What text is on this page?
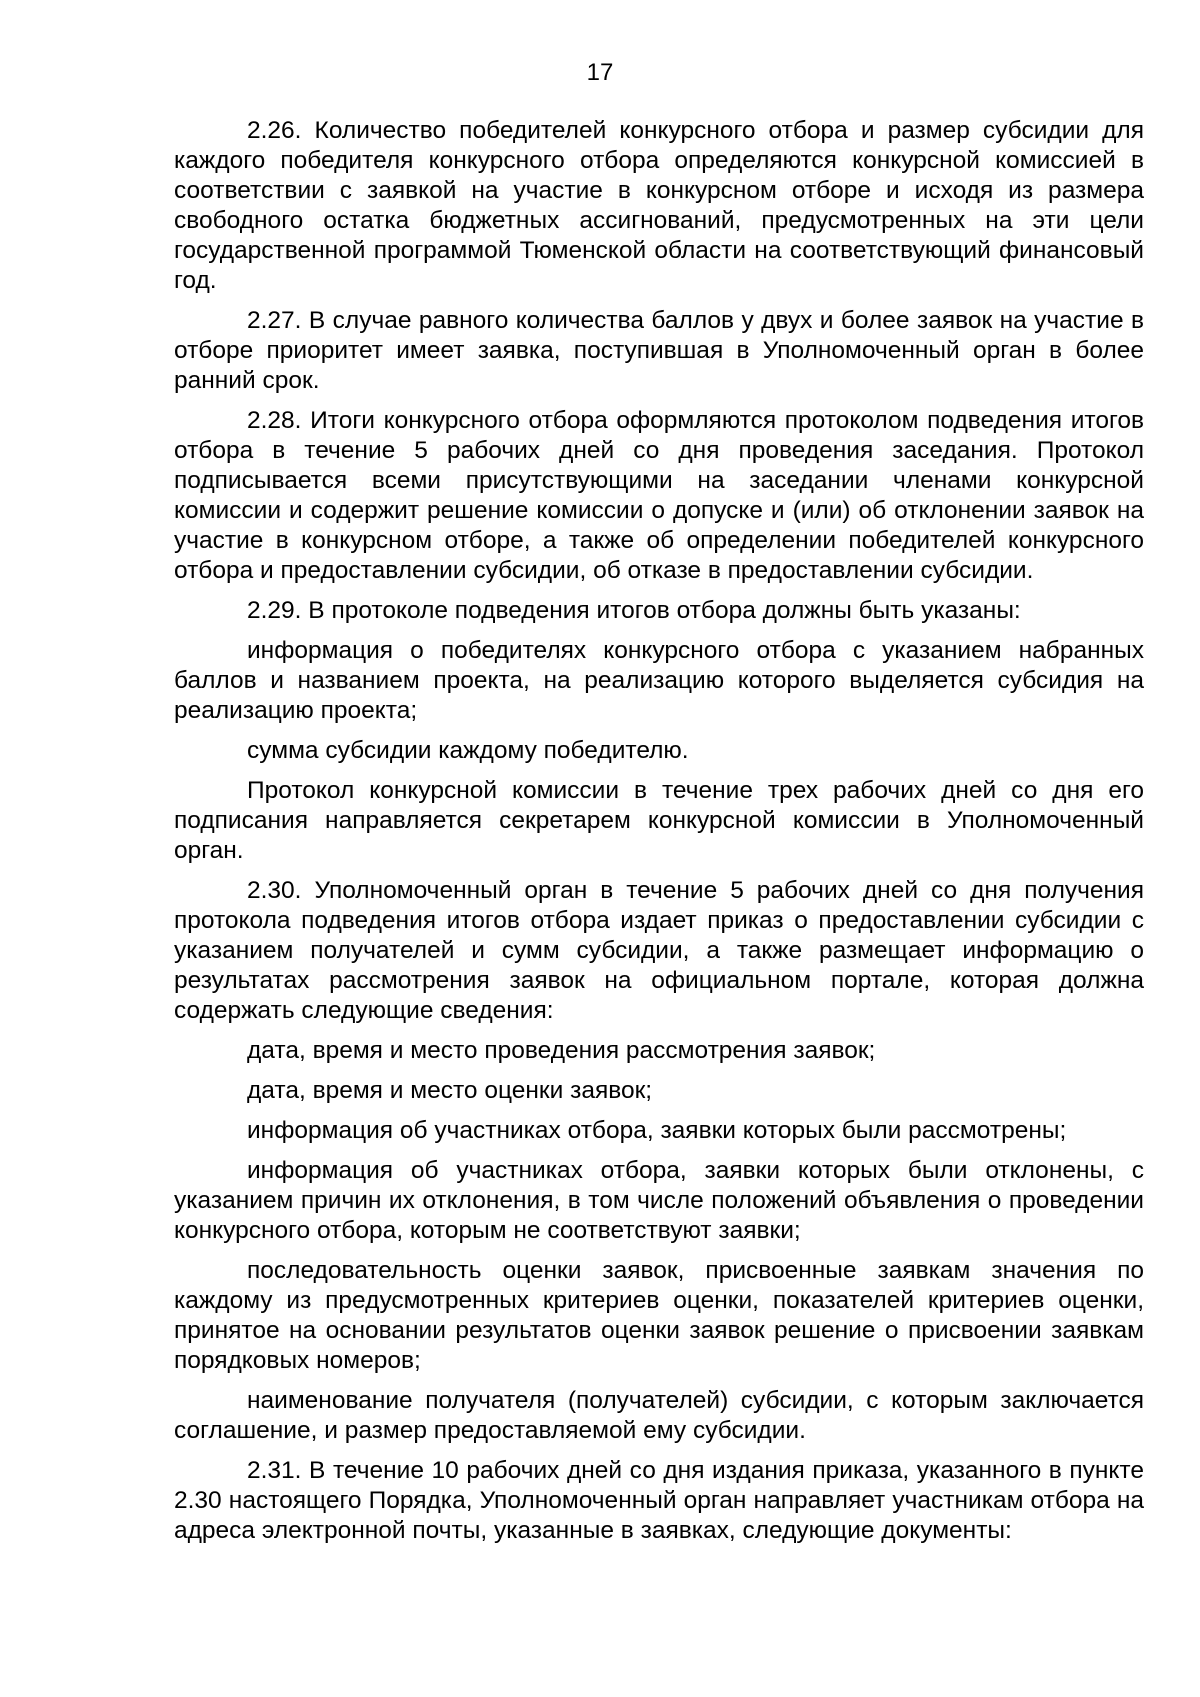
17

2.26. Количество победителей конкурсного отбора и размер субсидии для каждого победителя конкурсного отбора определяются конкурсной комиссией в соответствии с заявкой на участие в конкурсном отборе и исходя из размера свободного остатка бюджетных ассигнований, предусмотренных на эти цели государственной программой Тюменской области на соответствующий финансовый год.

2.27. В случае равного количества баллов у двух и более заявок на участие в отборе приоритет имеет заявка, поступившая в Уполномоченный орган в более ранний срок.

2.28. Итоги конкурсного отбора оформляются протоколом подведения итогов отбора в течение 5 рабочих дней со дня проведения заседания. Протокол подписывается всеми присутствующими на заседании членами конкурсной комиссии и содержит решение комиссии о допуске и (или) об отклонении заявок на участие в конкурсном отборе, а также об определении победителей конкурсного отбора и предоставлении субсидии, об отказе в предоставлении субсидии.

2.29. В протоколе подведения итогов отбора должны быть указаны:

информация о победителях конкурсного отбора с указанием набранных баллов и названием проекта, на реализацию которого выделяется субсидия на реализацию проекта;

сумма субсидии каждому победителю.

Протокол конкурсной комиссии в течение трех рабочих дней со дня его подписания направляется секретарем конкурсной комиссии в Уполномоченный орган.

2.30. Уполномоченный орган в течение 5 рабочих дней со дня получения протокола подведения итогов отбора издает приказ о предоставлении субсидии с указанием получателей и сумм субсидии, а также размещает информацию о результатах рассмотрения заявок на официальном портале, которая должна содержать следующие сведения:

дата, время и место проведения рассмотрения заявок;

дата, время и место оценки заявок;

информация об участниках отбора, заявки которых были рассмотрены;

информация об участниках отбора, заявки которых были отклонены, с указанием причин их отклонения, в том числе положений объявления о проведении конкурсного отбора, которым не соответствуют заявки;

последовательность оценки заявок, присвоенные заявкам значения по каждому из предусмотренных критериев оценки, показателей критериев оценки, принятое на основании результатов оценки заявок решение о присвоении заявкам порядковых номеров;

наименование получателя (получателей) субсидии, с которым заключается соглашение, и размер предоставляемой ему субсидии.

2.31. В течение 10 рабочих дней со дня издания приказа, указанного в пункте 2.30 настоящего Порядка, Уполномоченный орган направляет участникам отбора на адреса электронной почты, указанные в заявках, следующие документы:
